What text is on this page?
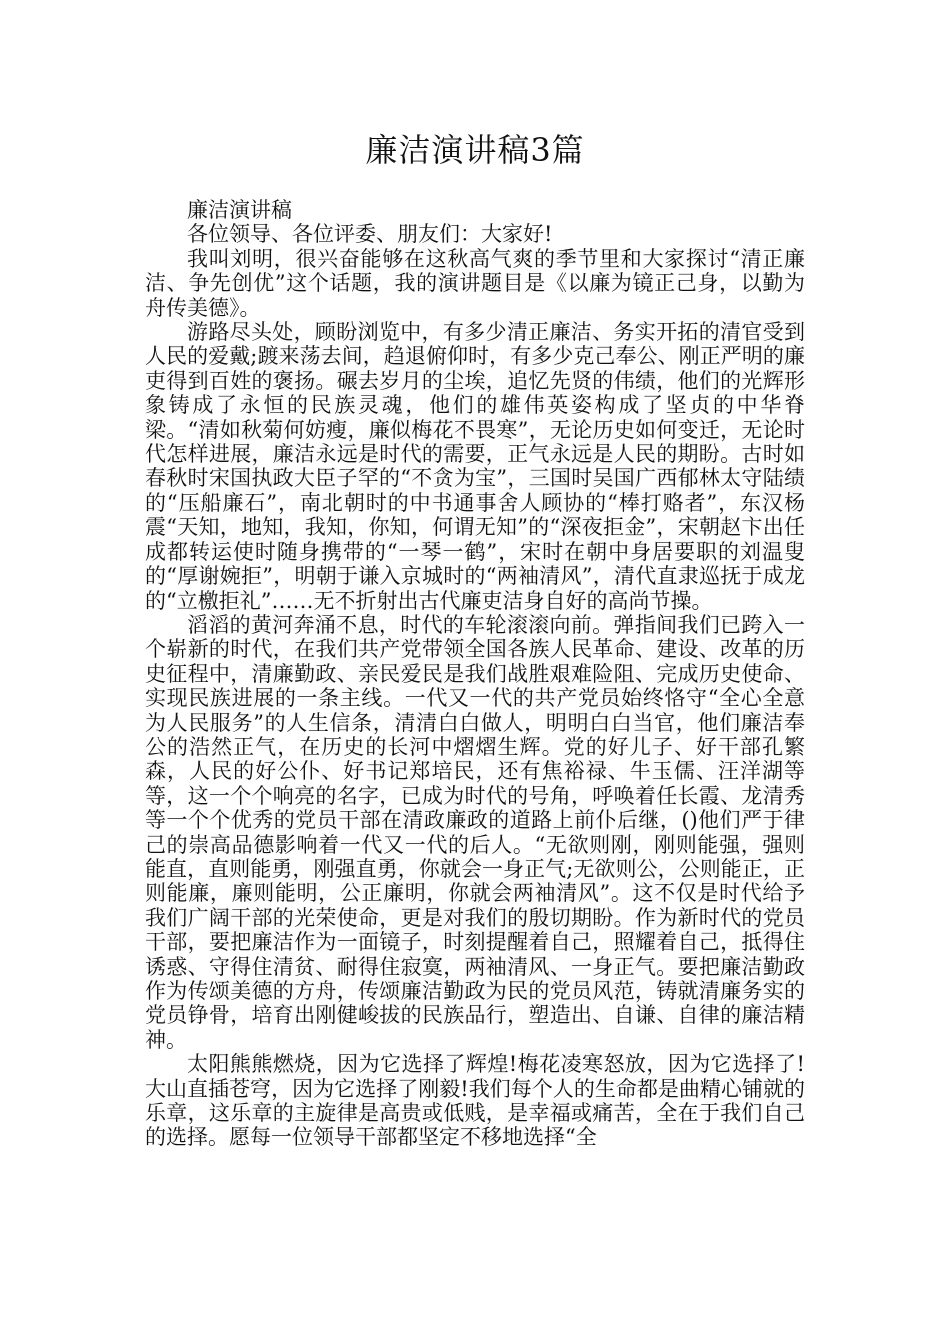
廉洁演讲稿3篇

廉洁演讲稿

各位领导、各位评委、朋友们：大家好!

我叫刘明，很兴奋能够在这秋高气爽的季节里和大家探讨“清正廉洁、争先创优”这个话题，我的演讲题目是《以廉为镜正己身，以勤为舟传美德》。

游路尽头处，顾盼浏览中，有多少清正廉洁、务实开拓的清官受到人民的爱戴;踱来荡去间，趋退俯仰时，有多少克己奉公、刚正严明的廉吏得到百姓的褒扬。碾去岁月的尘埃，追忆先贤的伟绩，他们的光辉形象铸成了永恒的民族灵魂，他们的雄伟英姿构成了坚贞的中华脊梁。“清如秋菊何妨瘦，廉似梅花不畏寒”，无论历史如何变迁，无论时代怎样进展，廉洁永远是时代的需要，正气永远是人民的期盼。古时如春秋时宋国执政大臣子罕的“不贪为宝”，三国时吴国广西郁林太守陆绩的“压船廉石”，南北朝时的中书通事舍人顾协的“棒打赂者”，东汉杨震“天知，地知，我知，你知，何谓无知”的“深夜拒金”，宋朝赵卞出任成都转运使时随身携带的“一琴一鹤”，宋时在朝中身居要职的刘温叟的“厚谢婉拒”，明朝于谦入京城时的“两袖清风”，清代直隶巡抚于成龙的“立檄拒礼”……无不折射出古代廉吏洁身自好的高尚节操。

滔滔的黄河奔涌不息，时代的车轮滚滚向前。弹指间我们已跨入一个崭新的时代，在我们共产党带领全国各族人民革命、建设、改革的历史征程中，清廉勤政、亲民爱民是我们战胜艰难险阻、完成历史使命、实现民族进展的一条主线。一代又一代的共产党员始终恪守“全心全意为人民服务”的人生信条，清清白白做人，明明白白当官，他们廉洁奉公的浩然正气，在历史的长河中熠熠生辉。党的好儿子、好干部孔繁森，人民的好公仆、好书记郑培民，还有焦裕禄、牛玉儒、汪洋湖等等，这一个个响亮的名字，已成为时代的号角，呼唤着任长霞、龙清秀等一个个优秀的党员干部在清政廉政的道路上前仆后继，()他们严于律己的崇高品德影响着一代又一代的后人。“无欲则刚，刚则能强，强则能直，直则能勇，刚强直勇，你就会一身正气;无欲则公，公则能正，正则能廉，廉则能明，公正廉明，你就会两袖清风”。这不仅是时代给予我们广阔干部的光荣使命，更是对我们的殷切期盼。作为新时代的党员干部，要把廉洁作为一面镜子，时刻提醒着自己，照耀着自己，抵得住诱惑、守得住清贫、耐得住寂寞，两袖清风、一身正气。要把廉洁勤政作为传颂美德的方舟，传颂廉洁勤政为民的党员风范，铸就清廉务实的党员铮骨，培育出刚健峻拔的民族品行，塑造出、自谦、自律的廉洁精神。

太阳熊熊燃烧，因为它选择了辉煌!梅花凌寒怒放，因为它选择了!大山直插苍穹，因为它选择了刚毅!我们每个人的生命都是曲精心铺就的乐章，这乐章的主旋律是高贵或低贱，是幸福或痛苦，全在于我们自己的选择。愿每一位领导干部都坚定不移地选择“全
